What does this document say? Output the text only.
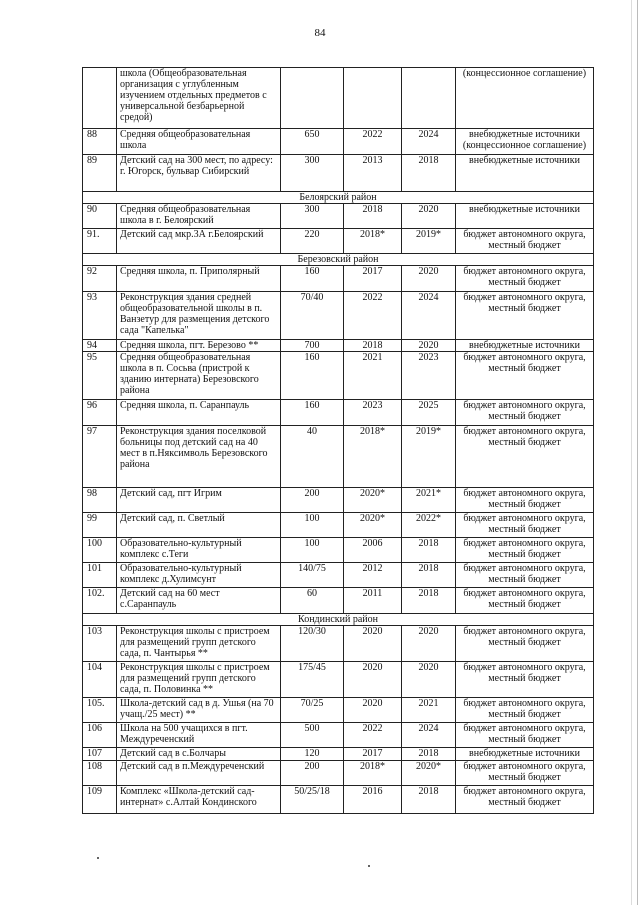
84
	школа (Общеобразовательная организация с углубленным изучением отдельных предметов с универсальной безбарьерной средой)				(концессионное соглашение)
88	Средняя общеобразовательная школа	650	2022	2024	внебюджетные источники (концессионное соглашение)
89	Детский сад на 300 мест, по адресу: г. Югорск, бульвар Сибирский	300	2013	2018	внебюджетные источники
Белоярский район					
90	Средняя общеобразовательная школа в г. Белоярский	300	2018	2020	внебюджетные источники
91.	Детский сад мкр.3А г.Белоярский	220	2018*	2019*	бюджет автономного округа, местный бюджет
Березовский район					
92	Средняя школа, п. Приполярный	160	2017	2020	бюджет автономного округа, местный бюджет
93	Реконструкция здания средней общеобразовательной школы в п. Ванзетур для размещения детского сада "Капелька"	70/40	2022	2024	бюджет автономного округа, местный бюджет
94	Средняя школа, пгт. Березово **	700	2018	2020	внебюджетные источники
95	Средняя общеобразовательная школа в п. Сосьва (пристрой к зданию интерната) Березовского района	160	2021	2023	бюджет автономного округа, местный бюджет
96	Средняя школа, п. Саранпауль	160	2023	2025	бюджет автономного округа, местный бюджет
97	Реконструкция здания поселковой больницы под детский сад на 40 мест в п.Няксимволь Березовского района	40	2018*	2019*	бюджет автономного округа, местный бюджет
98	Детский сад, пгт Игрим	200	2020*	2021*	бюджет автономного округа, местный бюджет
99	Детский сад, п. Светлый	100	2020*	2022*	бюджет автономного округа, местный бюджет
100	Образовательно-культурный комплекс с.Теги	100	2006	2018	бюджет автономного округа, местный бюджет
101	Образовательно-культурный комплекс д.Хулимсунт	140/75	2012	2018	бюджет автономного округа, местный бюджет
102.	Детский сад на 60 мест с.Саранпауль	60	2011	2018	бюджет автономного округа, местный бюджет
Кондинский район					
103	Реконструкция школы с пристроем для размещений групп детского сада, п. Чантырья **	120/30	2020	2020	бюджет автономного округа, местный бюджет
104	Реконструкция школы с пристроем для размещений групп детского сада, п. Половинка **	175/45	2020	2020	бюджет автономного округа, местный бюджет
105.	Школа-детский сад в д. Ушья (на 70 учащ./25 мест) **	70/25	2020	2021	бюджет автономного округа, местный бюджет
106	Школа на 500 учащихся в пгт. Междуреченский	500	2022	2024	бюджет автономного округа, местный бюджет
107	Детский сад в с.Болчары	120	2017	2018	внебюджетные источники
108	Детский сад в п.Междуреченский	200	2018*	2020*	бюджет автономного округа, местный бюджет
109	Комплекс «Школа-детский сад-интернат» с.Алтай Кондинского	50/25/18	2016	2018	бюджет автономного округа, местный бюджет
